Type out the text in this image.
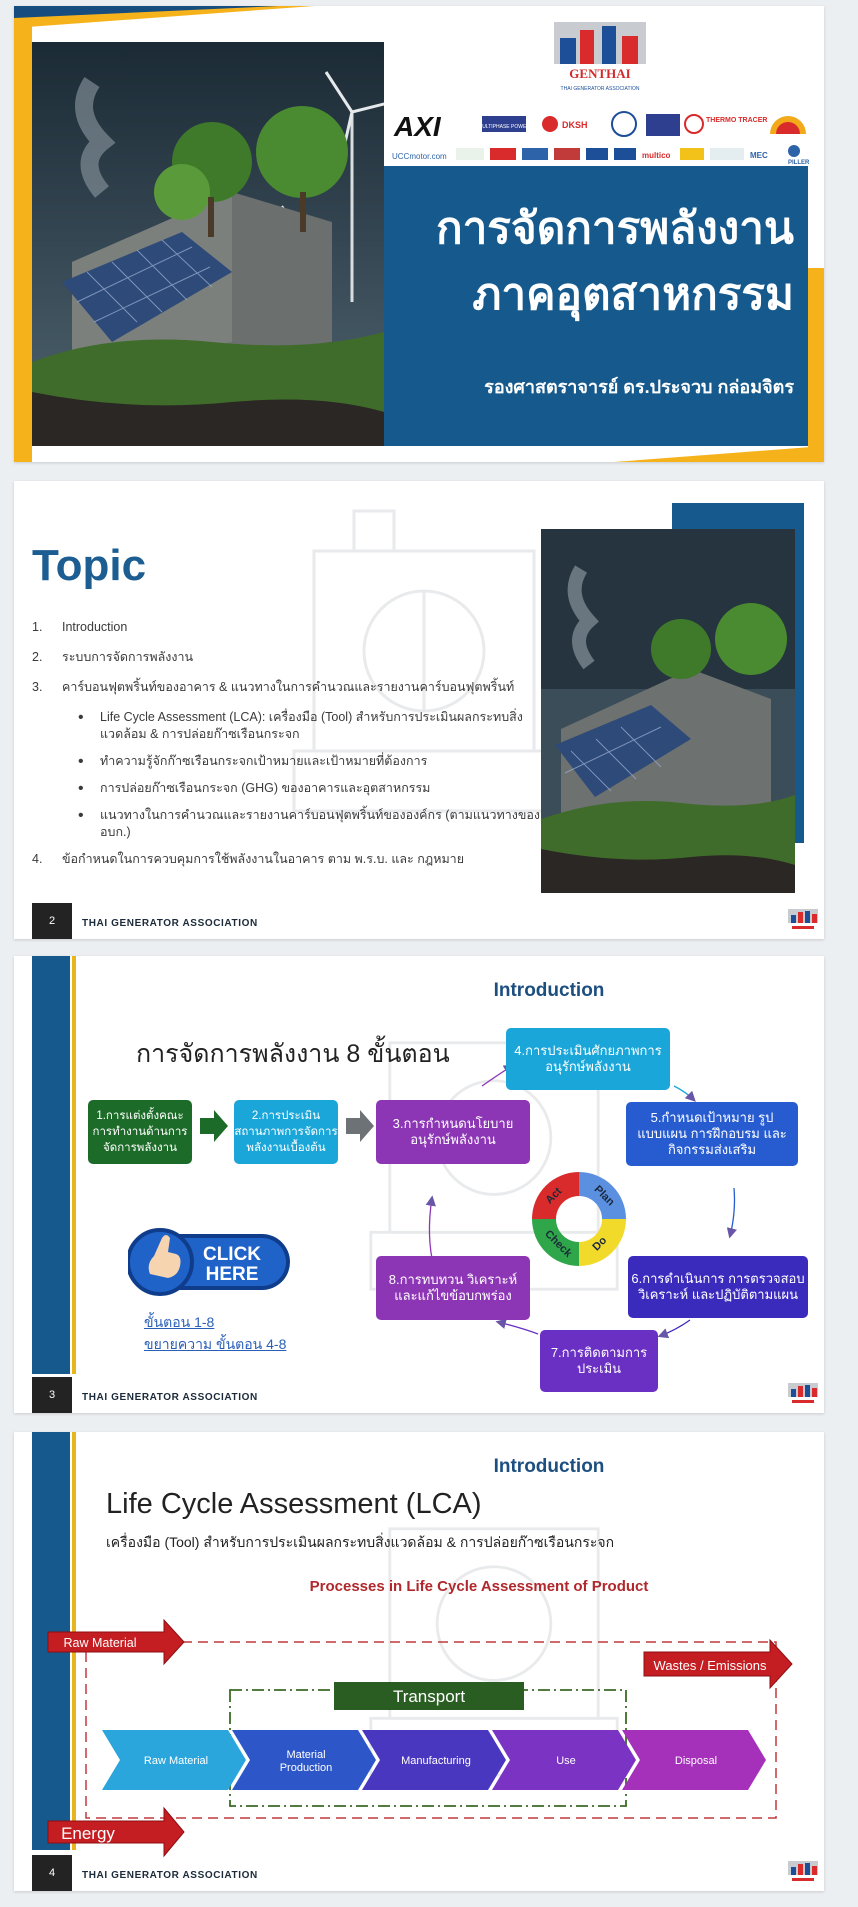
GENTHAI
THAI GENERATOR ASSOCIATION
AXI	MULTIPHASE POWER	DKSH	THERMO TRACER
UCCmotor.com	multico	MEC
PILLER
การจัดการพลังงาน
ภาคอุตสาหกรรม
รองศาสตราจารย์ ดร.ประจวบ กล่อมจิตร
Topic
1. Introduction
2. ระบบการจัดการพลังงาน
3. คาร์บอนฟุตพริ้นท์ของอาคาร & แนวทางในการคำนวณและรายงานคาร์บอนฟุตพริ้นท์
• Life Cycle Assessment (LCA): เครื่องมือ (Tool) สำหรับการประเมินผลกระทบสิ่งแวดล้อม & การปล่อยก๊าซเรือนกระจก
• ทำความรู้จักก๊าซเรือนกระจกเป้าหมายและเป้าหมายที่ต้องการ
• การปล่อยก๊าซเรือนกระจก (GHG) ของอาคารและอุตสาหกรรม
• แนวทางในการคำนวณและรายงานคาร์บอนฟุตพริ้นท์ขององค์กร (ตามแนวทางของ อบก.)
4. ข้อกำหนดในการควบคุมการใช้พลังงานในอาคาร ตาม พ.ร.บ. และ กฎหมาย
2	THAI GENERATOR ASSOCIATION
Introduction
การจัดการพลังงาน 8 ขั้นตอน
1.การแต่งตั้งคณะการทำงานด้านการจัดการพลังงาน
2.การประเมินสถานภาพการจัดการพลังงานเบื้องต้น
3.การกำหนดนโยบายอนุรักษ์พลังงาน
4.การประเมินศักยภาพการอนุรักษ์พลังงาน
5.กำหนดเป้าหมาย รูปแบบแผน การฝึกอบรม และกิจกรรมส่งเสริม
6.การดำเนินการ การตรวจสอบ วิเคราะห์ และปฏิบัติตามแผน
7.การติดตามการประเมิน
8.การทบทวน วิเคราะห์ และแก้ไขข้อบกพร่อง
Plan
Do
Check
Act
CLICK
HERE
ขั้นตอน 1-8
ขยายความ ขั้นตอน 4-8
3	THAI GENERATOR ASSOCIATION
Introduction
Life Cycle Assessment (LCA)
เครื่องมือ (Tool) สำหรับการประเมินผลกระทบสิ่งแวดล้อม & การปล่อยก๊าซเรือนกระจก
Processes in Life Cycle Assessment of Product
Raw Material
Energy
Wastes / Emissions
Transport
Raw Material	Material Production
Manufacturing	Use	Disposal
4	THAI GENERATOR ASSOCIATION
